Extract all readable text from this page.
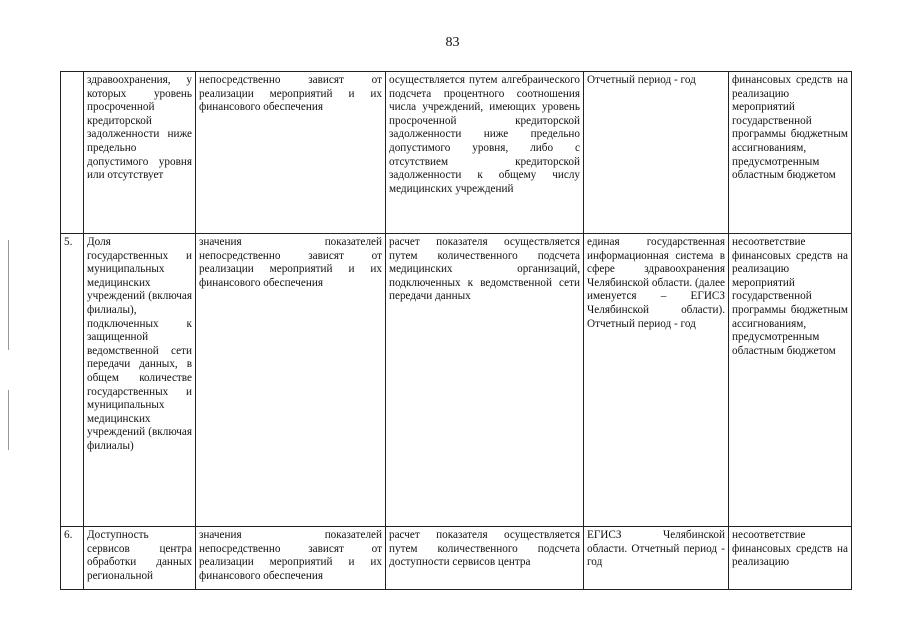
83
	здравоохранения, у которых уровень просроченной кредиторской задолженности ниже предельно допустимого уровня или отсутствует	непосредственно зависят от реализации мероприятий и их финансового обеспечения	осуществляется путем алгебраического подсчета процентного соотношения числа учреждений, имеющих уровень просроченной кредиторской задолженности ниже предельно допустимого уровня, либо с отсутствием кредиторской задолженности к общему числу медицинских учреждений	Отчетный период - год	финансовых средств на реализацию мероприятий государственной программы бюджетным ассигнованиям, предусмотренным областным бюджетом
5.	Доля государственных и муниципальных медицинских учреждений (включая филиалы), подключенных к защищенной ведомственной сети передачи данных, в общем количестве государственных и муниципальных медицинских учреждений (включая филиалы)	значения показателей непосредственно зависят от реализации мероприятий и их финансового обеспечения	расчет показателя осуществляется путем количественного подсчета медицинских организаций, подключенных к ведомственной сети передачи данных	единая государственная информационная система в сфере здравоохранения Челябинской области. (далее именуется – ЕГИСЗ Челябинской области). Отчетный период - год	несоответствие финансовых средств на реализацию мероприятий государственной программы бюджетным ассигнованиям, предусмотренным областным бюджетом
6.	Доступность сервисов центра обработки данных региональной	значения показателей непосредственно зависят от реализации мероприятий и их финансового обеспечения	расчет показателя осуществляется путем количественного подсчета доступности сервисов центра	ЕГИСЗ Челябинской области. Отчетный период - год	несоответствие финансовых средств на реализацию
